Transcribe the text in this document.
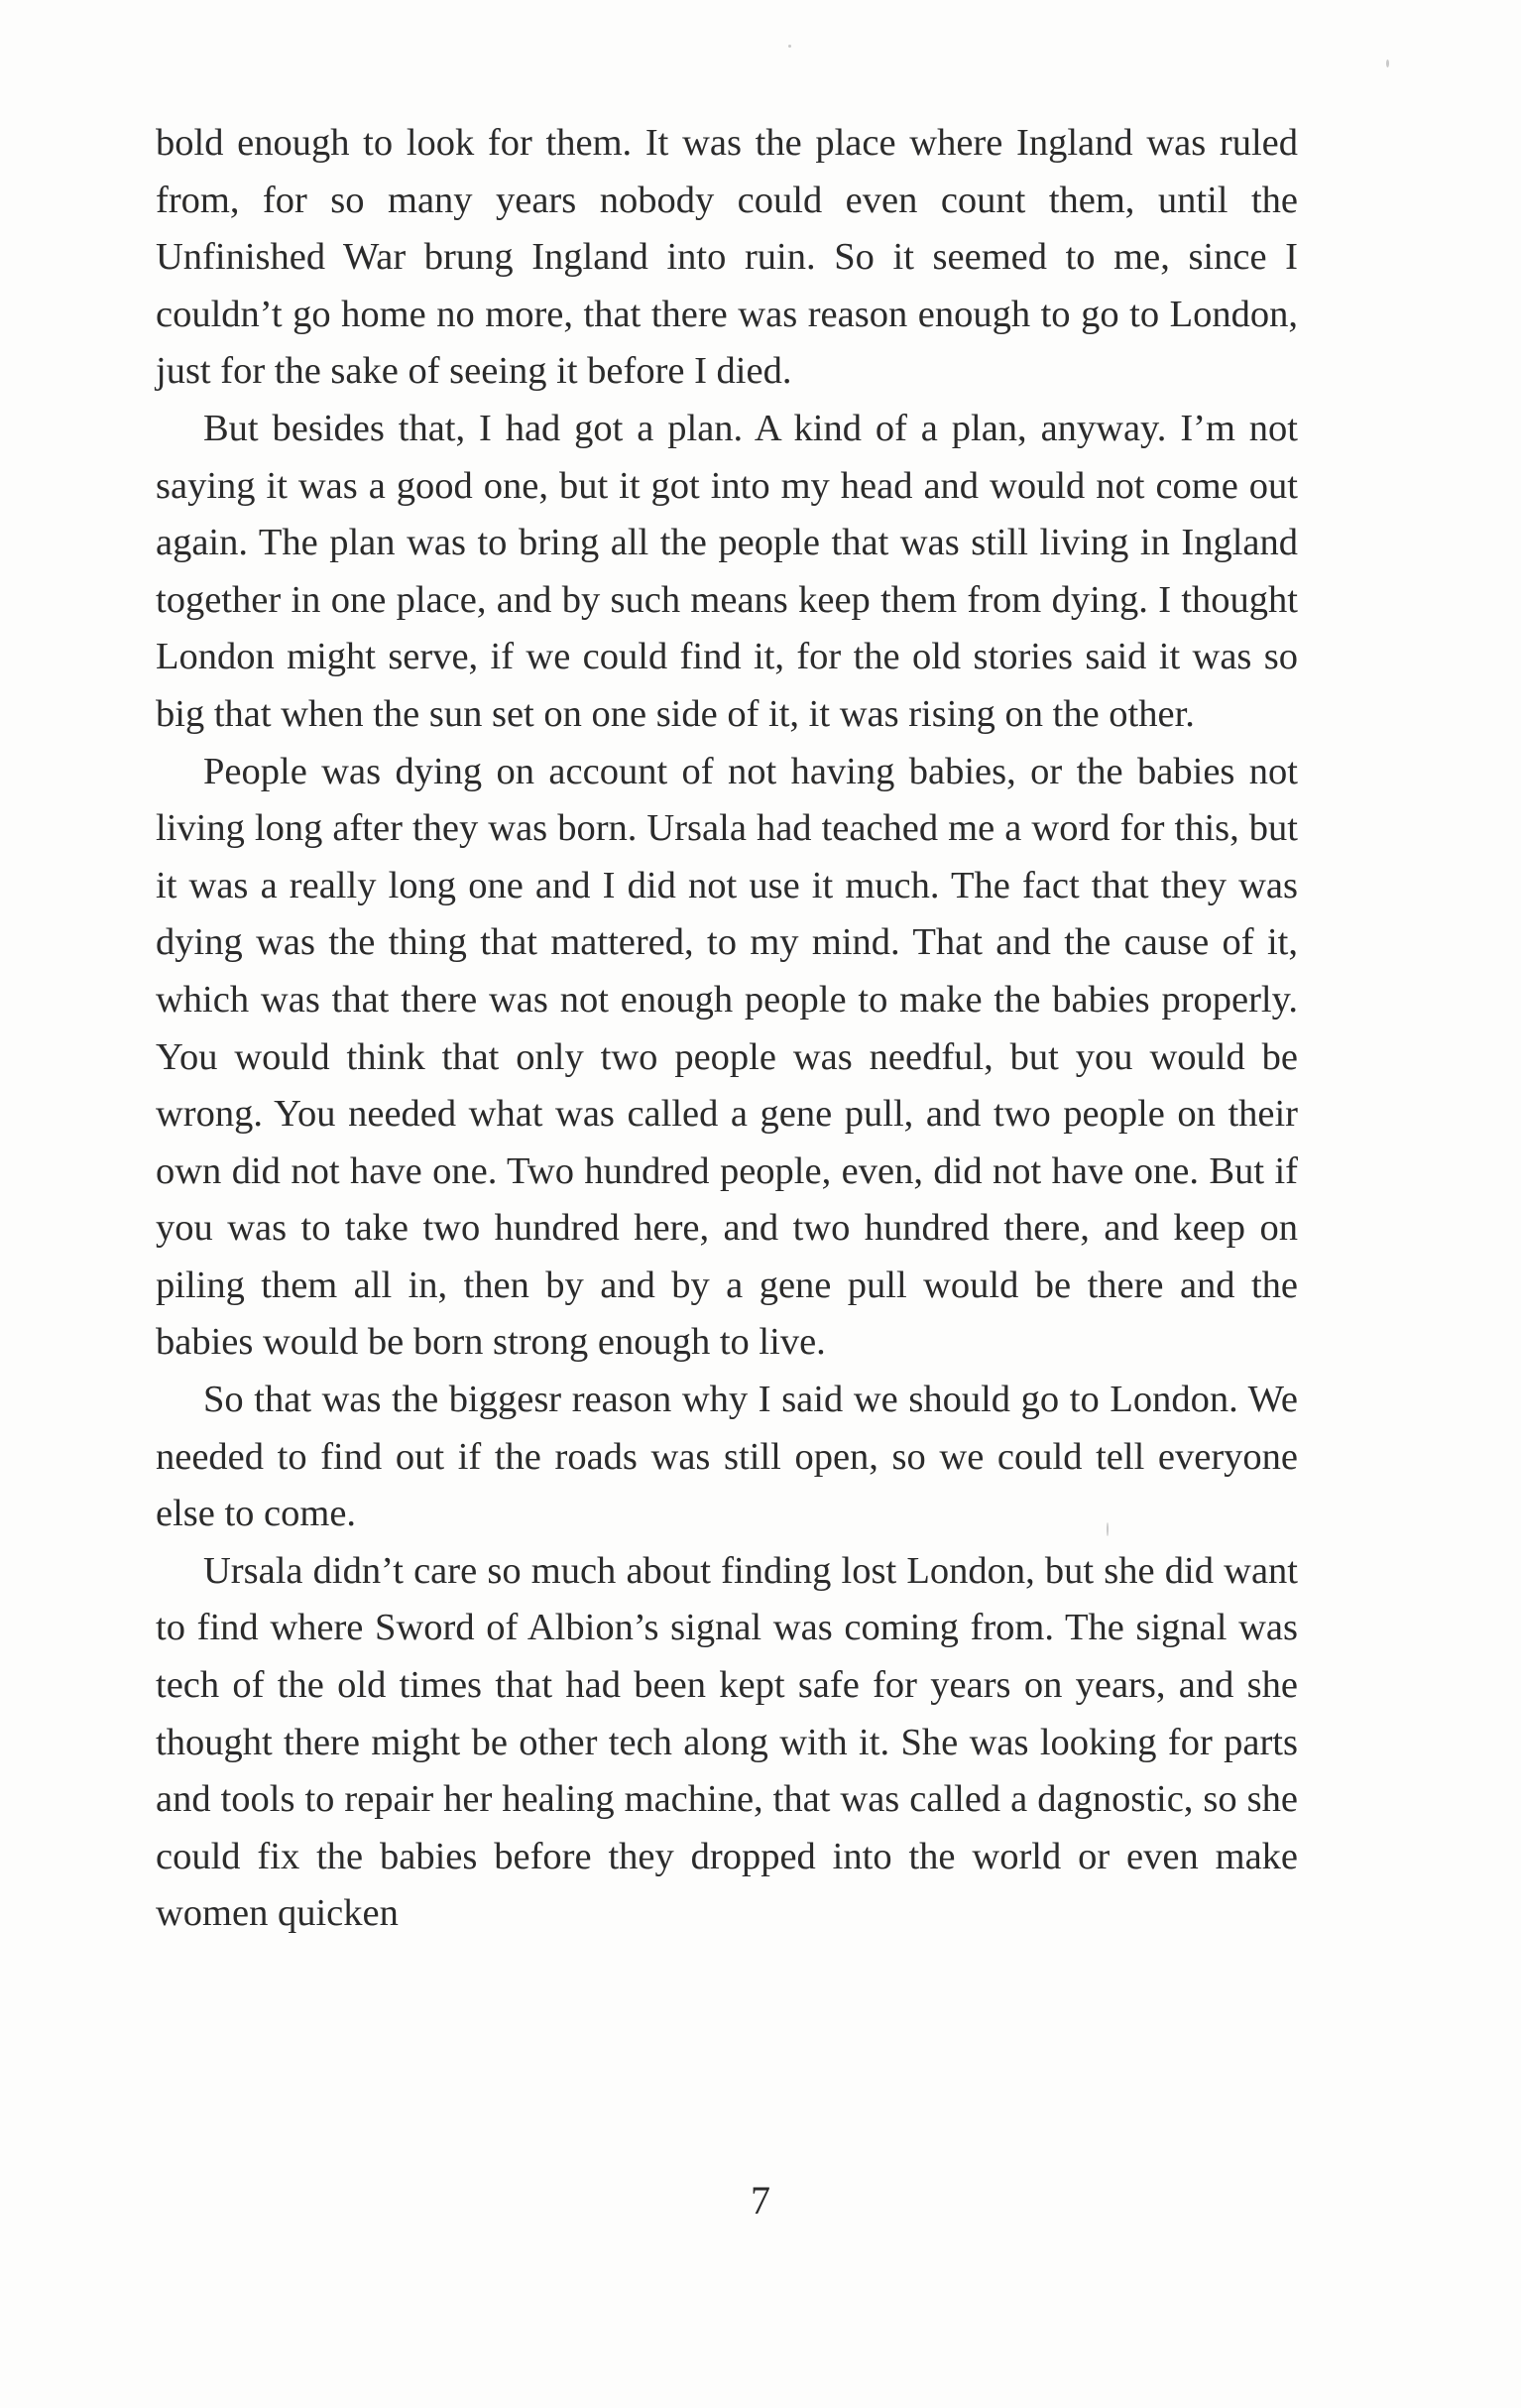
bold enough to look for them. It was the place where Ingland was ruled from, for so many years nobody could even count them, until the Unfinished War brung Ingland into ruin. So it seemed to me, since I couldn’t go home no more, that there was reason enough to go to London, just for the sake of seeing it before I died.

But besides that, I had got a plan. A kind of a plan, anyway. I’m not saying it was a good one, but it got into my head and would not come out again. The plan was to bring all the people that was still living in Ingland together in one place, and by such means keep them from dying. I thought London might serve, if we could find it, for the old stories said it was so big that when the sun set on one side of it, it was rising on the other.

People was dying on account of not having babies, or the babies not living long after they was born. Ursala had teached me a word for this, but it was a really long one and I did not use it much. The fact that they was dying was the thing that mattered, to my mind. That and the cause of it, which was that there was not enough people to make the babies properly. You would think that only two people was needful, but you would be wrong. You needed what was called a gene pull, and two people on their own did not have one. Two hundred people, even, did not have one. But if you was to take two hundred here, and two hundred there, and keep on piling them all in, then by and by a gene pull would be there and the babies would be born strong enough to live.

So that was the biggesr reason why I said we should go to London. We needed to find out if the roads was still open, so we could tell everyone else to come.

Ursala didn’t care so much about finding lost London, but she did want to find where Sword of Albion’s signal was coming from. The signal was tech of the old times that had been kept safe for years on years, and she thought there might be other tech along with it. She was looking for parts and tools to repair her healing machine, that was called a dagnostic, so she could fix the babies before they dropped into the world or even make women quicken

7
